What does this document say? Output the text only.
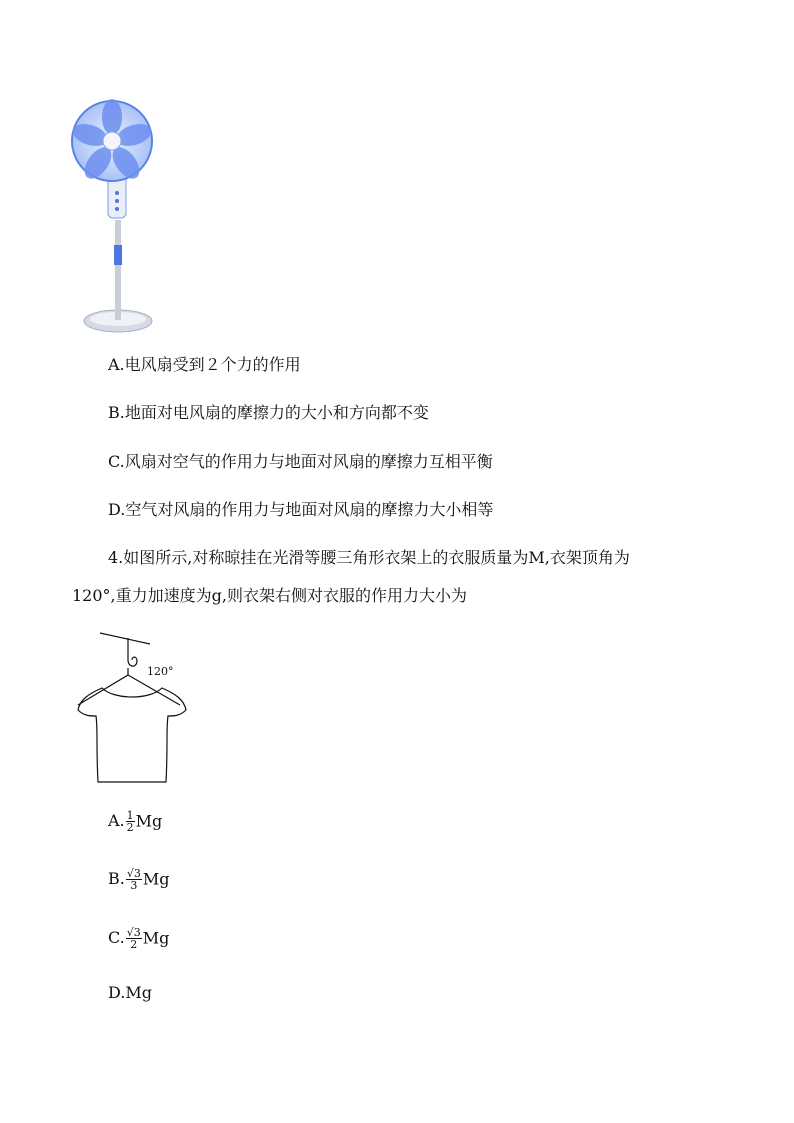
A.电风扇受到２个力的作用
B.地面对电风扇的摩擦力的大小和方向都不变
C.风扇对空气的作用力与地面对风扇的摩擦力互相平衡
D.空气对风扇的作用力与地面对风扇的摩擦力大小相等
4.如图所示,对称晾挂在光滑等腰三角形衣架上的衣服质量为M,衣架顶角为
120°,重力加速度为g,则衣架右侧对衣服的作用力大小为
120°
A. $\frac{1}{2}$ Mg
B. $\frac{√3}{3}$ Mg
C. $\frac{√3}{2}$ Mg
D.Mg
